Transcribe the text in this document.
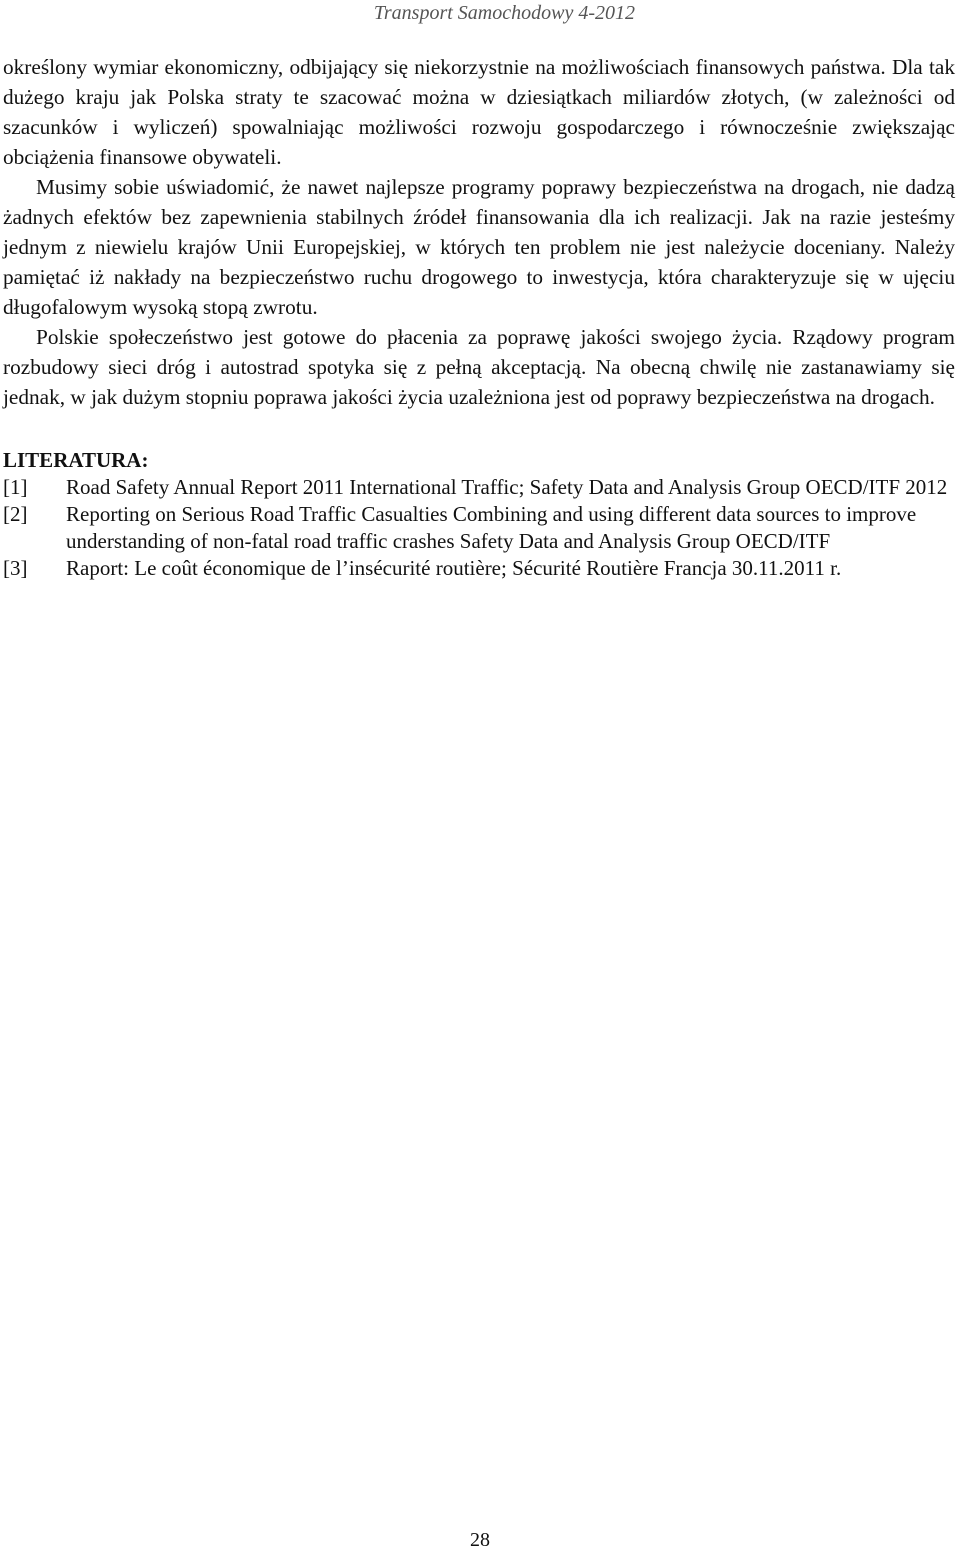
Transport Samochodowy 4-2012

określony wymiar ekonomiczny, odbijający się niekorzystnie na możliwościach finansowych państwa. Dla tak dużego kraju jak Polska straty te szacować można w dziesiątkach miliardów złotych, (w zależności od szacunków i wyliczeń) spowalniając możliwości rozwoju gospodarczego i równocześnie zwiększając obciążenia finansowe obywateli.

Musimy sobie uświadomić, że nawet najlepsze programy poprawy bezpieczeństwa na drogach, nie dadzą żadnych efektów bez zapewnienia stabilnych źródeł finansowania dla ich realizacji. Jak na razie jesteśmy jednym z niewielu krajów Unii Europejskiej, w których ten problem nie jest należycie doceniany. Należy pamiętać iż nakłady na bezpieczeństwo ruchu drogowego to inwestycja, która charakteryzuje się w ujęciu długofalowym wysoką stopą zwrotu.

Polskie społeczeństwo jest gotowe do płacenia za poprawę jakości swojego życia. Rządowy program rozbudowy sieci dróg i autostrad spotyka się z pełną akceptacją. Na obecną chwilę nie zastanawiamy się jednak, w jak dużym stopniu poprawa jakości życia uzależniona jest od poprawy bezpieczeństwa na drogach.

LITERATURA:
[1]	Road Safety Annual Report 2011 International Traffic; Safety Data and Analysis Group OECD/ITF 2012
[2]	Reporting on Serious Road Traffic Casualties Combining and using different data sources to improve understanding of non-fatal road traffic crashes Safety Data and Analysis Group OECD/ITF
[3]	Raport: Le coût économique de l’insécurité routière; Sécurité Routière Francja 30.11.2011 r.
28
